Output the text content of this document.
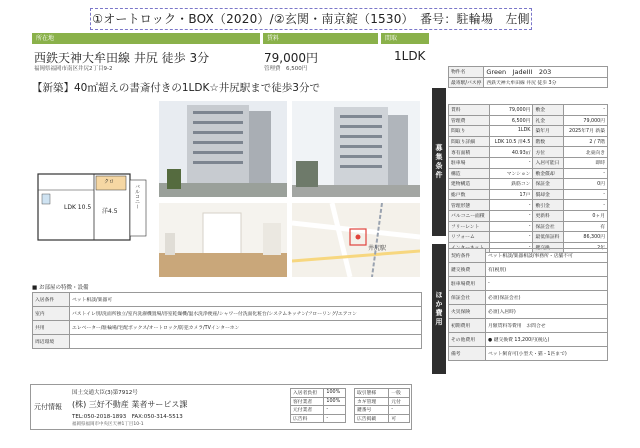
①オートロック・BOX（2020）/②玄関・南京錠（1530）　番号：駐輪場　左側
所在地	賃料	間取
西鉄天神大牟田線 井尻 徒歩 3分
福岡県福岡市南区井尻2丁目9-2
79,000円
管理費　6,500円
1LDK
【新築】40㎡超えの書斎付きの1LDK☆井尻駅まで徒歩3分で
井尻駅
LDK 10.5
洋4.5
クロ
バルコニー
物件名	Green　JadeIII　203
最寄駅/バス停	西鉄天神大牟田線 井尻 徒歩 3分
募集条件
賃料	79,000円	敷金	-
管理費	6,500円	礼金	79,000円
間取り	1LDK	築年月	2025年7月 新築
間取り詳細	LDK 10.5 洋4.5	階数	2 / 7階
専有面積	40.93㎡	方位	北東向き
駐車場	-	入居可能日	即時
構造	マンション	敷金償却	-
建物構造	鉄筋コン	保証金	0円
総戸数	17戸	償却金	-
管理形態	-	敷引金	-
バルコニー面積	-	更新料	0ヶ月
フリーレント	-	保証会社	有
リフォーム	-	最低保証料	86,300円
	-	鍵交換	2年
ほか費用
契約条件	ペット相談/楽器相談/事務所・店舗不可
鍵交換費	有(税別)
駐車場費用	-
保証会社	必須(保証会社)
火災保険	必須(入居時)
初期費用	月額賃料等費用　お問合せ
その他費用	● 鍵交換費 13,200円(税込)
備考	ペット飼育可(小型犬・猫・1匹まで)
■ お部屋の特徴・設備
入居条件	ペット相談/楽器可
室内	バストイレ別/洗面所独立/室内洗濯機置場/浴室乾燥機/温水洗浄便座/シャワー付洗面化粧台/システムキッチン/フローリング/エアコン
共用	エレベーター/駐輪場/宅配ボックス/オートロック/防犯カメラ/TVインターホン
周辺環境	
元付情報
国土交通大臣(3)第7912号
(株) 三好不動産 業者サービス課
TEL:050-2018-1893　FAX:050-314-5513
福岡県福岡市中央区天神1丁目10-1
入居者負担	100%
客付業者	100%
元付業者	-
広告料	-
取引態様	一般
カギ管理	元付
鍵番号	-
広告掲載	可
